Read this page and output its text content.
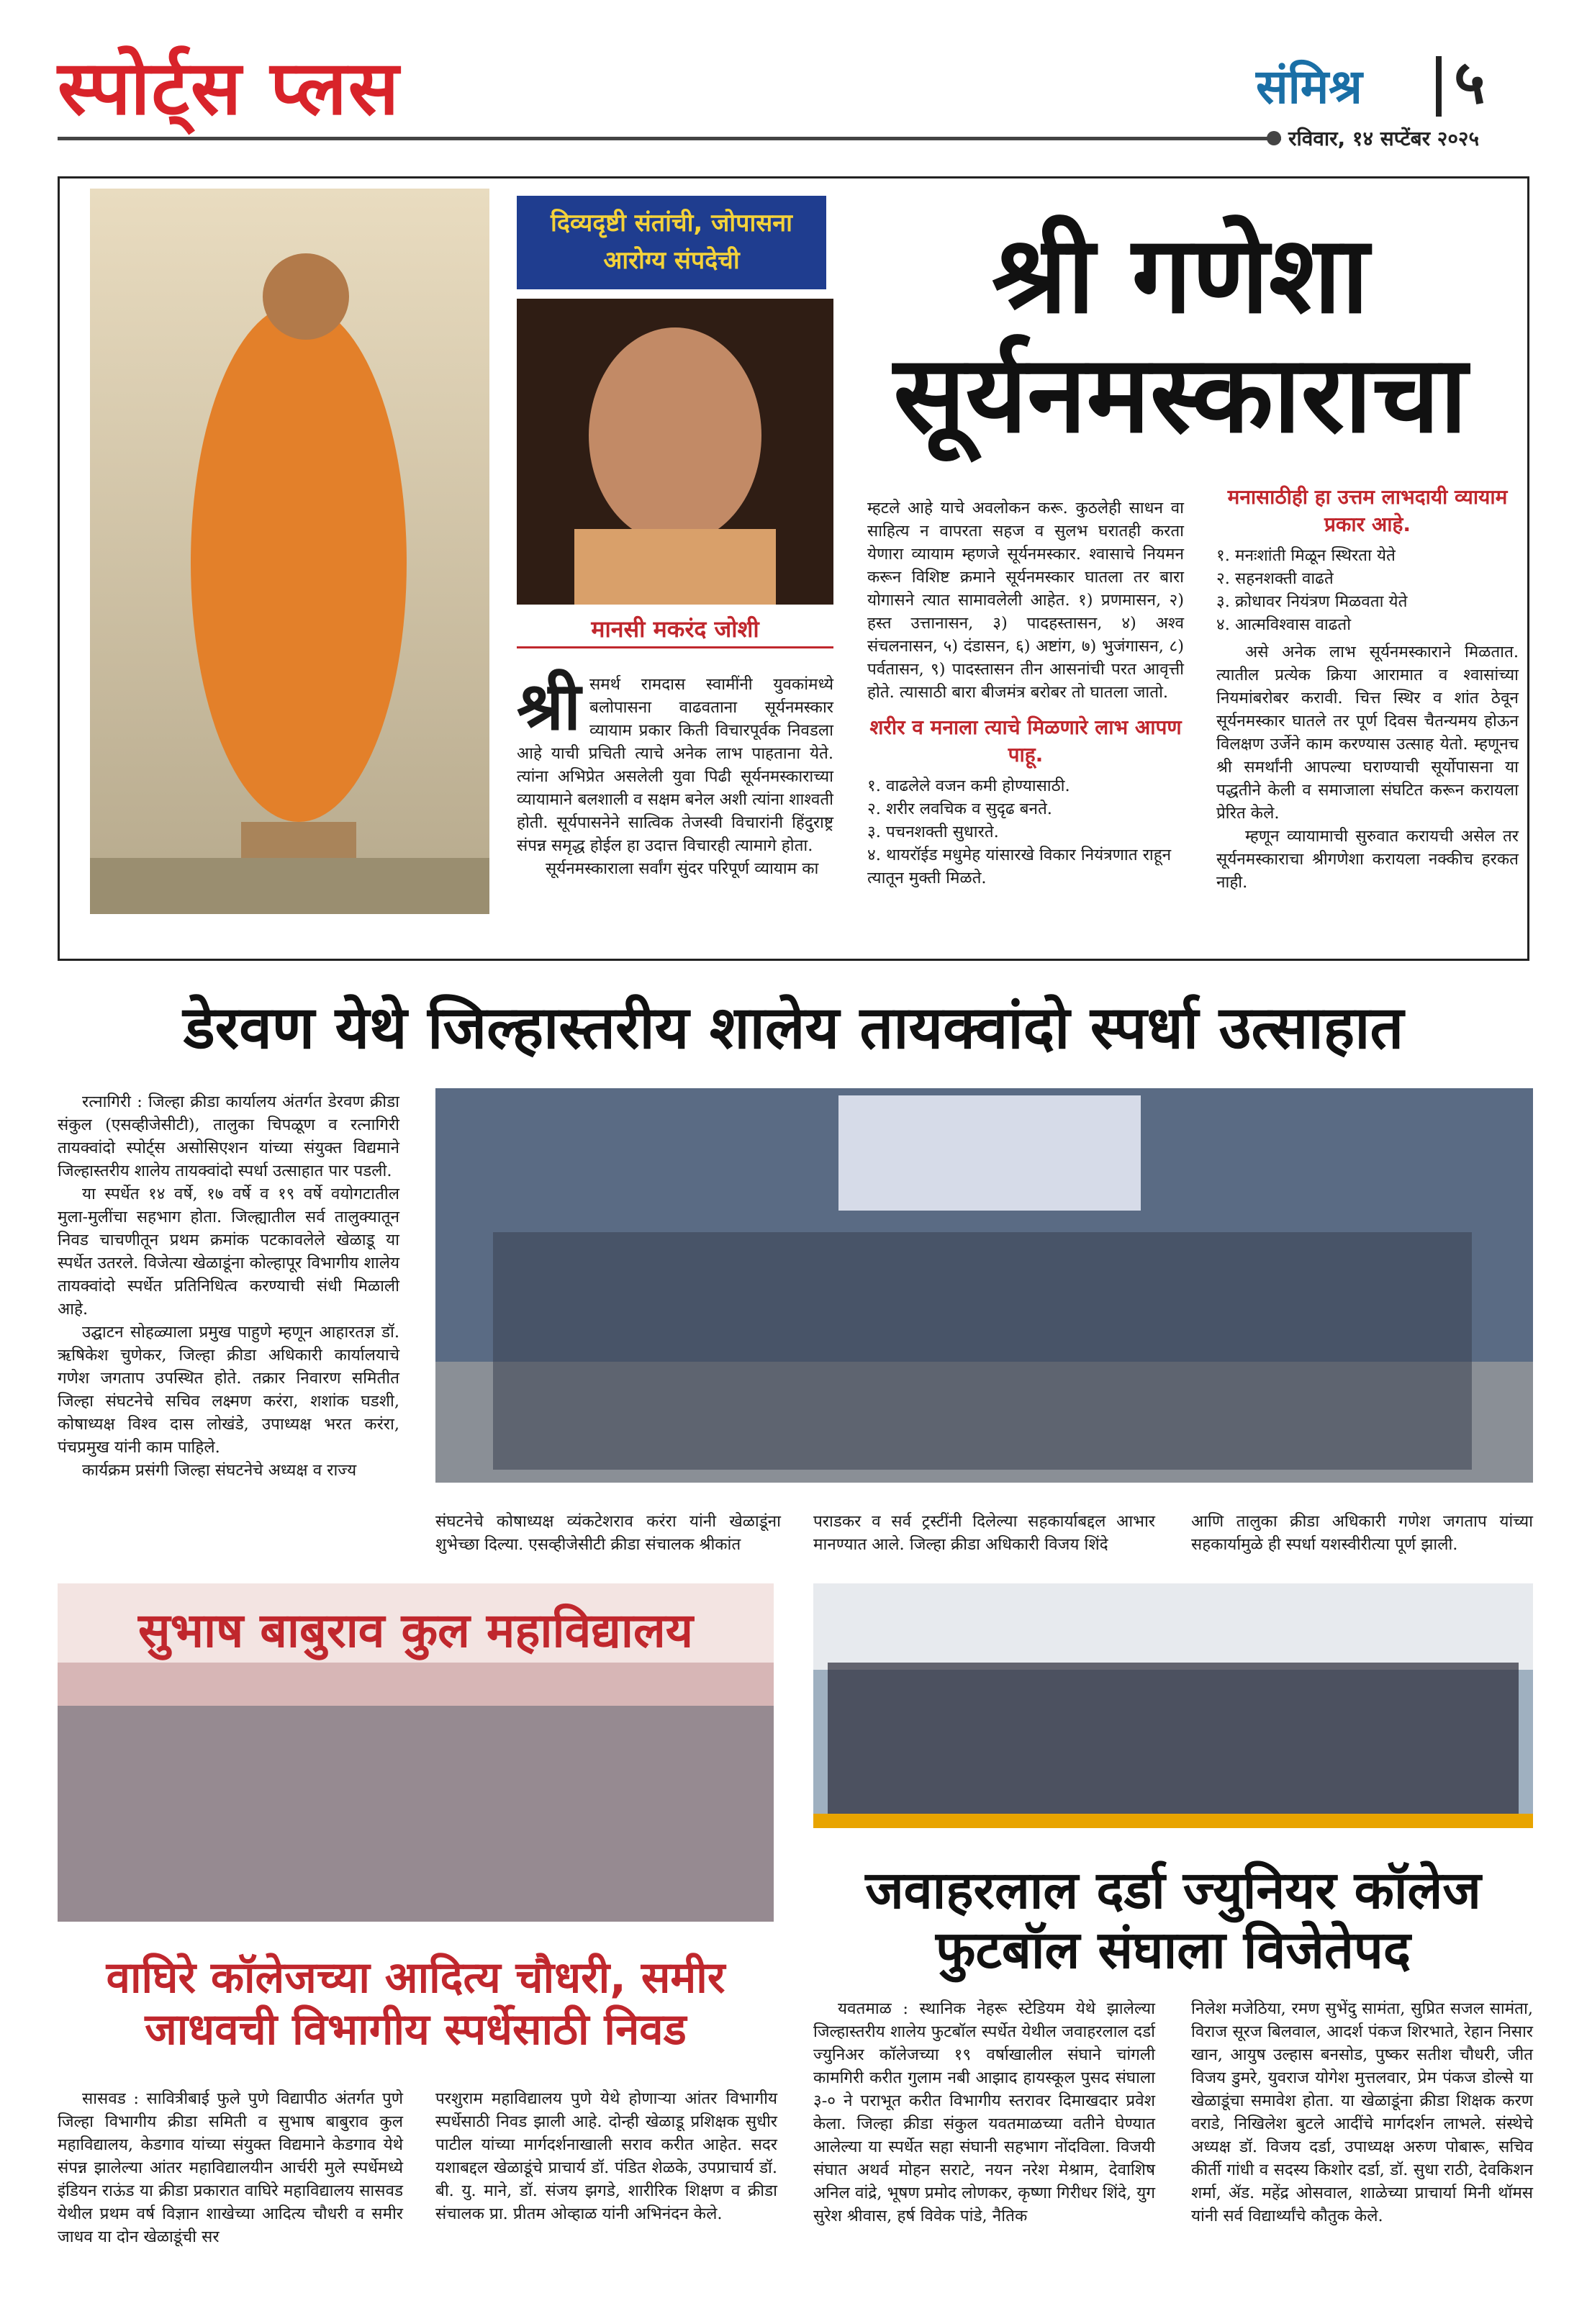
स्पोर्ट्स प्लस	संमिश्र ५
रविवार, १४ सप्टेंबर २०२५
दिव्यदृष्टी संतांची, जोपासना आरोग्य संपदेची
मानसी मकरंद जोशी
श्री गणेशा
सूर्यनमस्काराचा
श्री समर्थ रामदास स्वामींनी युवकांमध्ये बलोपासना वाढवताना सूर्यनमस्कार व्यायाम प्रकार किती विचारपूर्वक निवडला आहे याची प्रचिती त्याचे अनेक लाभ पाहताना येते. त्यांना अभिप्रेत असलेली युवा पिढी सूर्यनमस्काराच्या व्यायामाने बलशाली व सक्षम बनेल अशी त्यांना शाश्वती होती. सूर्यपासनेने सात्विक तेजस्वी विचारांनी हिंदुराष्ट्र संपन्न समृद्ध होईल हा उदात्त विचारही त्यामागे होता.

सूर्यनमस्काराला सर्वांग सुंदर परिपूर्ण व्यायाम का

म्हटले आहे याचे अवलोकन करू. कुठलेही साधन वा साहित्य न वापरता सहज व सुलभ घरातही करता येणारा व्यायाम म्हणजे सूर्यनमस्कार. श्वासाचे नियमन करून विशिष्ट क्रमाने सूर्यनमस्कार घातला तर बारा योगासने त्यात सामावलेली आहेत. १) प्रणमासन, २) हस्त उत्तानासन, ३) पादहस्तासन, ४) अश्व संचलनासन, ५) दंडासन, ६) अष्टांग, ७) भुजंगासन, ८) पर्वतासन, ९) पादस्तासन तीन आसनांची परत आवृत्ती होते. त्यासाठी बारा बीजमंत्र बरोबर तो घातला जातो.

शरीर व मनाला त्याचे मिळणारे लाभ आपण पाहू.
१. वाढलेले वजन कमी होण्यासाठी.
२. शरीर लवचिक व सुदृढ बनते.
३. पचनशक्ती सुधारते.
४. थायरॉईड मधुमेह यांसारखे विकार नियंत्रणात राहून त्यातून मुक्ती मिळते.
मनासाठीही हा उत्तम लाभदायी व्यायाम प्रकार आहे.
१. मनःशांती मिळून स्थिरता येते
२. सहनशक्ती वाढते
३. क्रोधावर नियंत्रण मिळवता येते
४. आत्मविश्वास वाढतो

असे अनेक लाभ सूर्यनमस्काराने मिळतात. त्यातील प्रत्येक क्रिया आरामात व श्वासांच्या नियमांबरोबर करावी. चित्त स्थिर व शांत ठेवून सूर्यनमस्कार घातले तर पूर्ण दिवस चैतन्यमय होऊन विलक्षण उर्जेने काम करण्यास उत्साह येतो. म्हणूनच श्री समर्थांनी आपल्या घराण्याची सूर्योपासना या पद्धतीने केली व समाजाला संघटित करून करायला प्रेरित केले.

म्हणून व्यायामाची सुरुवात करायची असेल तर सूर्यनमस्काराचा श्रीगणेशा करायला नक्कीच हरकत नाही.

डेरवण येथे जिल्हास्तरीय शालेय तायक्वांदो स्पर्धा उत्साहात

रत्नागिरी : जिल्हा क्रीडा कार्यालय अंतर्गत डेरवण क्रीडा संकुल (एसव्हीजेसीटी), तालुका चिपळूण व रत्नागिरी तायक्वांदो स्पोर्ट्स असोसिएशन यांच्या संयुक्त विद्यमाने जिल्हास्तरीय शालेय तायक्वांदो स्पर्धा उत्साहात पार पडली.

या स्पर्धेत १४ वर्षे, १७ वर्षे व १९ वर्षे वयोगटातील मुला-मुलींचा सहभाग होता. जिल्ह्यातील सर्व तालुक्यातून निवड चाचणीतून प्रथम क्रमांक पटकावलेले खेळाडू या स्पर्धेत उतरले. विजेत्या खेळाडूंना कोल्हापूर विभागीय शालेय तायक्वांदो स्पर्धेत प्रतिनिधित्व करण्याची संधी मिळाली आहे.

उद्घाटन सोहळ्याला प्रमुख पाहुणे म्हणून आहारतज्ञ डॉ. ऋषिकेश चुणेकर, जिल्हा क्रीडा अधिकारी कार्यालयाचे गणेश जगताप उपस्थित होते. तक्रार निवारण समितीत जिल्हा संघटनेचे सचिव लक्ष्मण करंरा, शशांक घडशी, कोषाध्यक्ष विश्व दास लोखंडे, उपाध्यक्ष भरत करंरा, पंचप्रमुख यांनी काम पाहिले.

कार्यक्रम प्रसंगी जिल्हा संघटनेचे अध्यक्ष व राज्य

संघटनेचे कोषाध्यक्ष व्यंकटेशराव करंरा यांनी खेळाडूंना शुभेच्छा दिल्या. एसव्हीजेसीटी क्रीडा संचालक श्रीकांत
पराडकर व सर्व ट्रस्टींनी दिलेल्या सहकार्याबद्दल आभार मानण्यात आले. जिल्हा क्रीडा अधिकारी विजय शिंदे
आणि तालुका क्रीडा अधिकारी गणेश जगताप यांच्या सहकार्यामुळे ही स्पर्धा यशस्वीरीत्या पूर्ण झाली.
सुभाष बाबुराव कुल महाविद्यालय
वाघिरे कॉलेजच्या आदित्य चौधरी, समीर
जाधवची विभागीय स्पर्धेसाठी निवड
सासवड : सावित्रीबाई फुले पुणे विद्यापीठ अंतर्गत पुणे जिल्हा विभागीय क्रीडा समिती व सुभाष बाबुराव कुल महाविद्यालय, केडगाव यांच्या संयुक्त विद्यमाने केडगाव येथे संपन्न झालेल्या आंतर महाविद्यालयीन आर्चरी मुले स्पर्धेमध्ये इंडियन राऊंड या क्रीडा प्रकारात वाघिरे महाविद्यालय सासवड येथील प्रथम वर्ष विज्ञान शाखेच्या आदित्य चौधरी व समीर जाधव या दोन खेळाडूंची सर
परशुराम महाविद्यालय पुणे येथे होणाऱ्या आंतर विभागीय स्पर्धेसाठी निवड झाली आहे. दोन्ही खेळाडू प्रशिक्षक सुधीर पाटील यांच्या मार्गदर्शनाखाली सराव करीत आहेत. सदर यशाबद्दल खेळाडूंचे प्राचार्य डॉ. पंडित शेळके, उपप्राचार्य डॉ. बी. यु. माने, डॉ. संजय झगडे, शारीरिक शिक्षण व क्रीडा संचालक प्रा. प्रीतम ओव्हाळ यांनी अभिनंदन केले.
जवाहरलाल दर्डा ज्युनियर कॉलेज
फुटबॉल संघाला विजेतेपद
यवतमाळ : स्थानिक नेहरू स्टेडियम येथे झालेल्या जिल्हास्तरीय शालेय फुटबॉल स्पर्धेत येथील जवाहरलाल दर्डा ज्युनिअर कॉलेजच्या १९ वर्षाखालील संघाने चांगली कामगिरी करीत गुलाम नबी आझाद हायस्कूल पुसद संघाला ३-० ने पराभूत करीत विभागीय स्तरावर दिमाखदार प्रवेश केला. जिल्हा क्रीडा संकुल यवतमाळच्या वतीने घेण्यात आलेल्या या स्पर्धेत सहा संघानी सहभाग नोंदविला. विजयी संघात अथर्व मोहन सराटे, नयन नरेश मेश्राम, देवाशिष अनिल वांद्रे, भूषण प्रमोद लोणकर, कृष्णा गिरीधर शिंदे, युग सुरेश श्रीवास, हर्ष विवेक पांडे, नैतिक
निलेश मजेठिया, रमण सुभेंदु सामंता, सुप्रित सजल सामंता, विराज सूरज बिलवाल, आदर्श पंकज शिरभाते, रेहान निसार खान, आयुष उल्हास बनसोड, पुष्कर सतीश चौधरी, जीत विजय डुमरे, युवराज योगेश मुत्तलवार, प्रेम पंकज डोल्से या खेळाडूंचा समावेश होता. या खेळाडूंना क्रीडा शिक्षक करण वराडे, निखिलेश बुटले आदींचे मार्गदर्शन लाभले. संस्थेचे अध्यक्ष डॉ. विजय दर्डा, उपाध्यक्ष अरुण पोबारू, सचिव कीर्ती गांधी व सदस्य किशोर दर्डा, डॉ. सुधा राठी, देवकिशन शर्मा, ॲड. महेंद्र ओसवाल, शाळेच्या प्राचार्या मिनी थॉमस यांनी सर्व विद्यार्थ्यांचे कौतुक केले.
